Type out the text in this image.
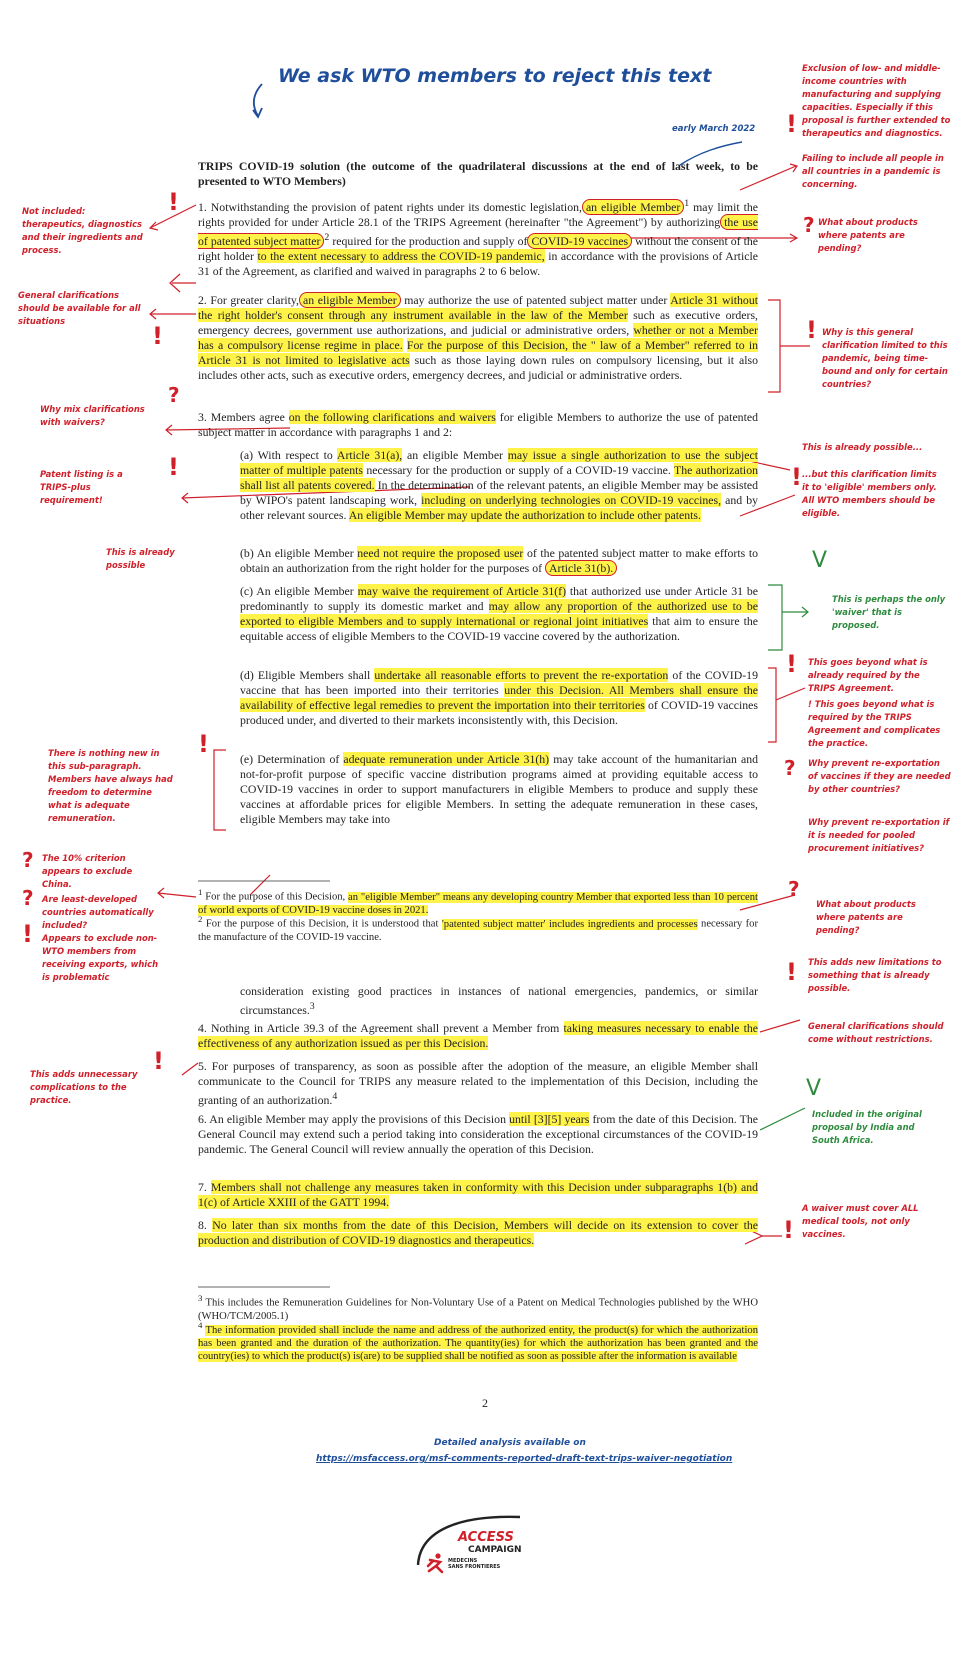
We ask WTO members to reject this text
early March 2022

TRIPS COVID-19 solution (the outcome of the quadrilateral discussions at the end of last week, to be presented to WTO Members)

1. Notwithstanding the provision of patent rights under its domestic legislation, an eligible Member $^1$ may limit the rights provided for under Article 28.1 of the TRIPS Agreement (hereinafter "the Agreement") by authorizing the use of patented subject matter $^2$ required for the production and supply of COVID-19 vaccines without the consent of the right holder to the extent necessary to address the COVID-19 pandemic, in accordance with the provisions of Article 31 of the Agreement, as clarified and waived in paragraphs 2 to 6 below.

2. For greater clarity, an eligible Member may authorize the use of patented subject matter under Article 31 without the right holder's consent through any instrument available in the law of the Member such as executive orders, emergency decrees, government use authorizations, and judicial or administrative orders, whether or not a Member has a compulsory license regime in place. For the purpose of this Decision, the " law of a Member" referred to in Article 31 is not limited to legislative acts such as those laying down rules on compulsory licensing, but it also includes other acts, such as executive orders, emergency decrees, and judicial or administrative orders.

3. Members agree on the following clarifications and waivers for eligible Members to authorize the use of patented subject matter in accordance with paragraphs 1 and 2:

(a) With respect to Article 31(a), an eligible Member may issue a single authorization to use the subject matter of multiple patents necessary for the production or supply of a COVID-19 vaccine. The authorization shall list all patents covered. In the determination of the relevant patents, an eligible Member may be assisted by WIPO's patent landscaping work, including on underlying technologies on COVID-19 vaccines, and by other relevant sources. An eligible Member may update the authorization to include other patents.

(b) An eligible Member need not require the proposed user of the patented subject matter to make efforts to obtain an authorization from the right holder for the purposes of Article 31(b).

(c) An eligible Member may waive the requirement of Article 31(f) that authorized use under Article 31 be predominantly to supply its domestic market and may allow any proportion of the authorized use to be exported to eligible Members and to supply international or regional joint initiatives that aim to ensure the equitable access of eligible Members to the COVID-19 vaccine covered by the authorization.

(d) Eligible Members shall undertake all reasonable efforts to prevent the re-exportation of the COVID-19 vaccine that has been imported into their territories under this Decision. All Members shall ensure the availability of effective legal remedies to prevent the importation into their territories of COVID-19 vaccines produced under, and diverted to their markets inconsistently with, this Decision.

(e) Determination of adequate remuneration under Article 31(h) may take account of the humanitarian and not-for-profit purpose of specific vaccine distribution programs aimed at providing equitable access to COVID-19 vaccines in order to support manufacturers in eligible Members to produce and supply these vaccines at affordable prices for eligible Members. In setting the adequate remuneration in these cases, eligible Members may take into

$^1$ For the purpose of this Decision, an "eligible Member" means any developing country Member that exported less than 10 percent of world exports of COVID-19 vaccine doses in 2021.

$^2$ For the purpose of this Decision, it is understood that 'patented subject matter' includes ingredients and processes necessary for the manufacture of the COVID-19 vaccine.

consideration existing good practices in instances of national emergencies, pandemics, or similar circumstances.$^3$

4. Nothing in Article 39.3 of the Agreement shall prevent a Member from taking measures necessary to enable the effectiveness of any authorization issued as per this Decision.

5. For purposes of transparency, as soon as possible after the adoption of the measure, an eligible Member shall communicate to the Council for TRIPS any measure related to the implementation of this Decision, including the granting of an authorization.$^4$

6. An eligible Member may apply the provisions of this Decision until [3][5] years from the date of this Decision. The General Council may extend such a period taking into consideration the exceptional circumstances of the COVID-19 pandemic. The General Council will review annually the operation of this Decision.

7. Members shall not challenge any measures taken in conformity with this Decision under subparagraphs 1(b) and 1(c) of Article XXIII of the GATT 1994.

8. No later than six months from the date of this Decision, Members will decide on its extension to cover the production and distribution of COVID-19 diagnostics and therapeutics.

$^3$ This includes the Remuneration Guidelines for Non-Voluntary Use of a Patent on Medical Technologies published by the WHO (WHO/TCM/2005.1)

$^4$ The information provided shall include the name and address of the authorized entity, the product(s) for which the authorization has been granted and the duration of the authorization. The quantity(ies) for which the authorization has been granted and the country(ies) to which the product(s) is(are) to be supplied shall be notified as soon as possible after the information is available

2
Not included: therapeutics, diagnostics and their ingredients and process.
General clarifications should be available for all situations
Why mix clarifications with waivers?
Patent listing is a TRIPS-plus requirement!
This is already possible
There is nothing new in this sub-paragraph. Members have always had freedom to determine what is adequate remuneration.
The 10% criterion appears to exclude China.
Are least-developed countries automatically included?
Appears to exclude non-WTO members from receiving exports, which is problematic
This adds unnecessary complications to the practice.
Exclusion of low- and middle-income countries with manufacturing and supplying capacities. Especially if this proposal is further extended to therapeutics and diagnostics.
Failing to include all people in all countries in a pandemic is concerning.
What about products where patents are pending?
Why is this general clarification limited to this pandemic, being time-bound and only for certain countries?
This is already possible...
...but this clarification limits it to 'eligible' members only. All WTO members should be eligible.
This is perhaps the only 'waiver' that is proposed.
This goes beyond what is already required by the TRIPS Agreement.
! This goes beyond what is required by the TRIPS Agreement and complicates the practice.
Why prevent re-exportation of vaccines if they are needed by other countries?
Why prevent re-exportation if it is needed for pooled procurement initiatives?
What about products where patents are pending?
This adds new limitations to something that is already possible.
General clarifications should come without restrictions.
Included in the original proposal by India and South Africa.
A waiver must cover ALL medical tools, not only vaccines.
!
!
!
!
!
!
!
!
!
!
!
!
?
?
?
?
?
?
V
V
Detailed analysis available on
https://msfaccess.org/msf-comments-reported-draft-text-trips-waiver-negotiation
ACCESS
CAMPAIGN
MEDECINS
SANS FRONTIERES
